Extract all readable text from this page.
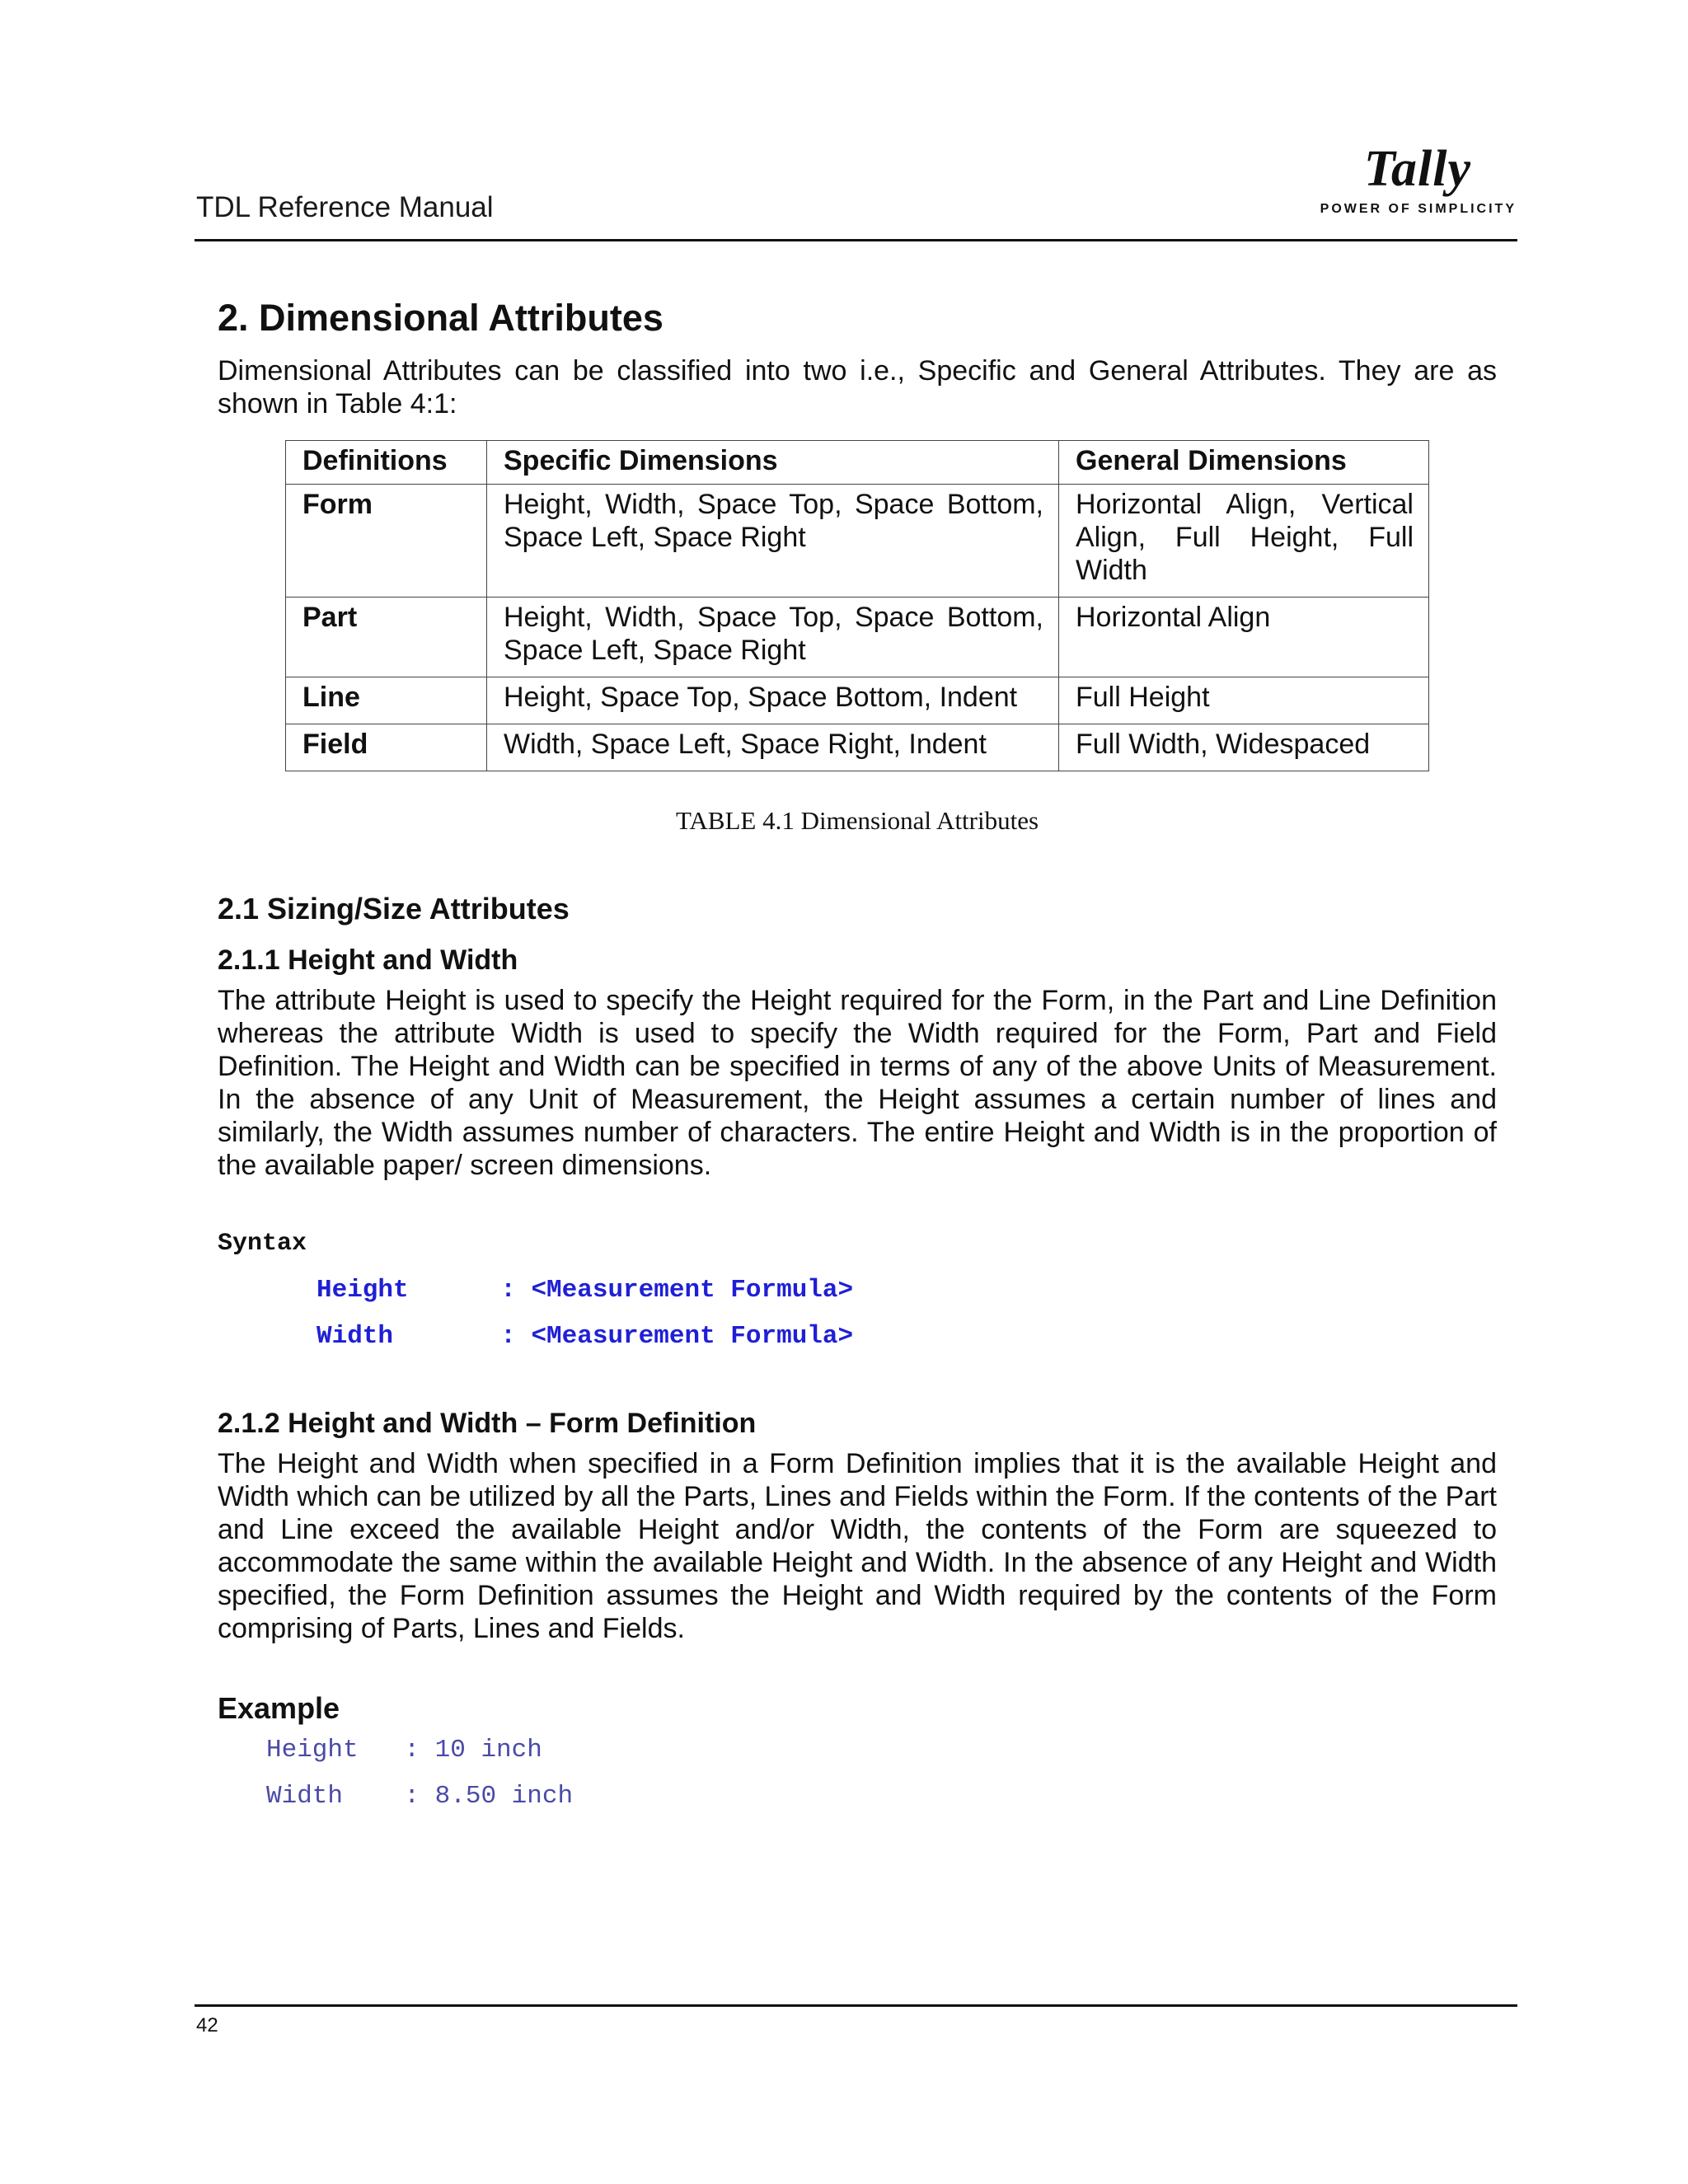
TDL Reference Manual
Tally
POWER OF SIMPLICITY
2. Dimensional Attributes
Dimensional Attributes can be classified into two i.e., Specific and General Attributes. They are as shown in Table 4:1:
Definitions	Specific Dimensions	General Dimensions
Form	Height, Width, Space Top, Space Bottom, Space Left, Space Right	Horizontal Align, Vertical Align, Full Height, Full Width
Part	Height, Width, Space Top, Space Bottom, Space Left, Space Right	Horizontal Align
Line	Height, Space Top, Space Bottom, Indent	Full Height
Field	Width, Space Left, Space Right, Indent	Full Width, Widespaced
TABLE 4.1 Dimensional Attributes
2.1 Sizing/Size Attributes
2.1.1 Height and Width
The attribute Height is used to specify the Height required for the Form, in the Part and Line Definition whereas the attribute Width is used to specify the Width required for the Form, Part and Field Definition. The Height and Width can be specified in terms of any of the above Units of Measurement. In the absence of any Unit of Measurement, the Height assumes a certain number of lines and similarly, the Width assumes number of characters. The entire Height and Width is in the proportion of the available paper/ screen dimensions.
Syntax
Height      : <Measurement Formula>
Width       : <Measurement Formula>
2.1.2 Height and Width – Form Definition
The Height and Width when specified in a Form Definition implies that it is the available Height and Width which can be utilized by all the Parts, Lines and Fields within the Form. If the contents of the Part and Line exceed the available Height and/or Width, the contents of the Form are squeezed to accommodate the same within the available Height and Width. In the absence of any Height and Width specified, the Form Definition assumes the Height and Width required by the contents of the Form comprising of Parts, Lines and Fields.
Example
Height   : 10 inch
Width    : 8.50 inch
42
